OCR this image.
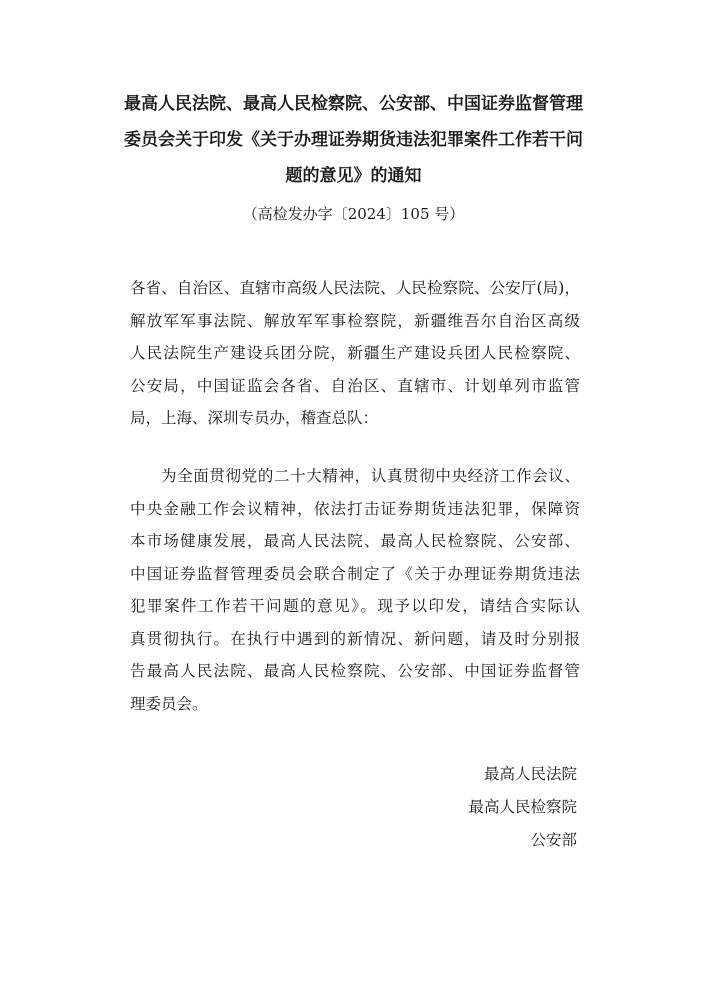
最高人民法院、最高人民检察院、公安部、中国证券监督管理
委员会关于印发《关于办理证券期货违法犯罪案件工作若干问
题的意见》的通知
（高检发办字〔2024〕105 号）
各省、自治区、直辖市高级人民法院、人民检察院、公安厅(局)，
解放军军事法院、解放军军事检察院，新疆维吾尔自治区高级
人民法院生产建设兵团分院，新疆生产建设兵团人民检察院、
公安局，中国证监会各省、自治区、直辖市、计划单列市监管
局，上海、深圳专员办，稽查总队：
为全面贯彻党的二十大精神，认真贯彻中央经济工作会议、
中央金融工作会议精神，依法打击证券期货违法犯罪，保障资
本市场健康发展，最高人民法院、最高人民检察院、公安部、
中国证券监督管理委员会联合制定了《关于办理证券期货违法
犯罪案件工作若干问题的意见》。现予以印发，请结合实际认
真贯彻执行。在执行中遇到的新情况、新问题，请及时分别报
告最高人民法院、最高人民检察院、公安部、中国证券监督管
理委员会。
最高人民法院
最高人民检察院
公安部
